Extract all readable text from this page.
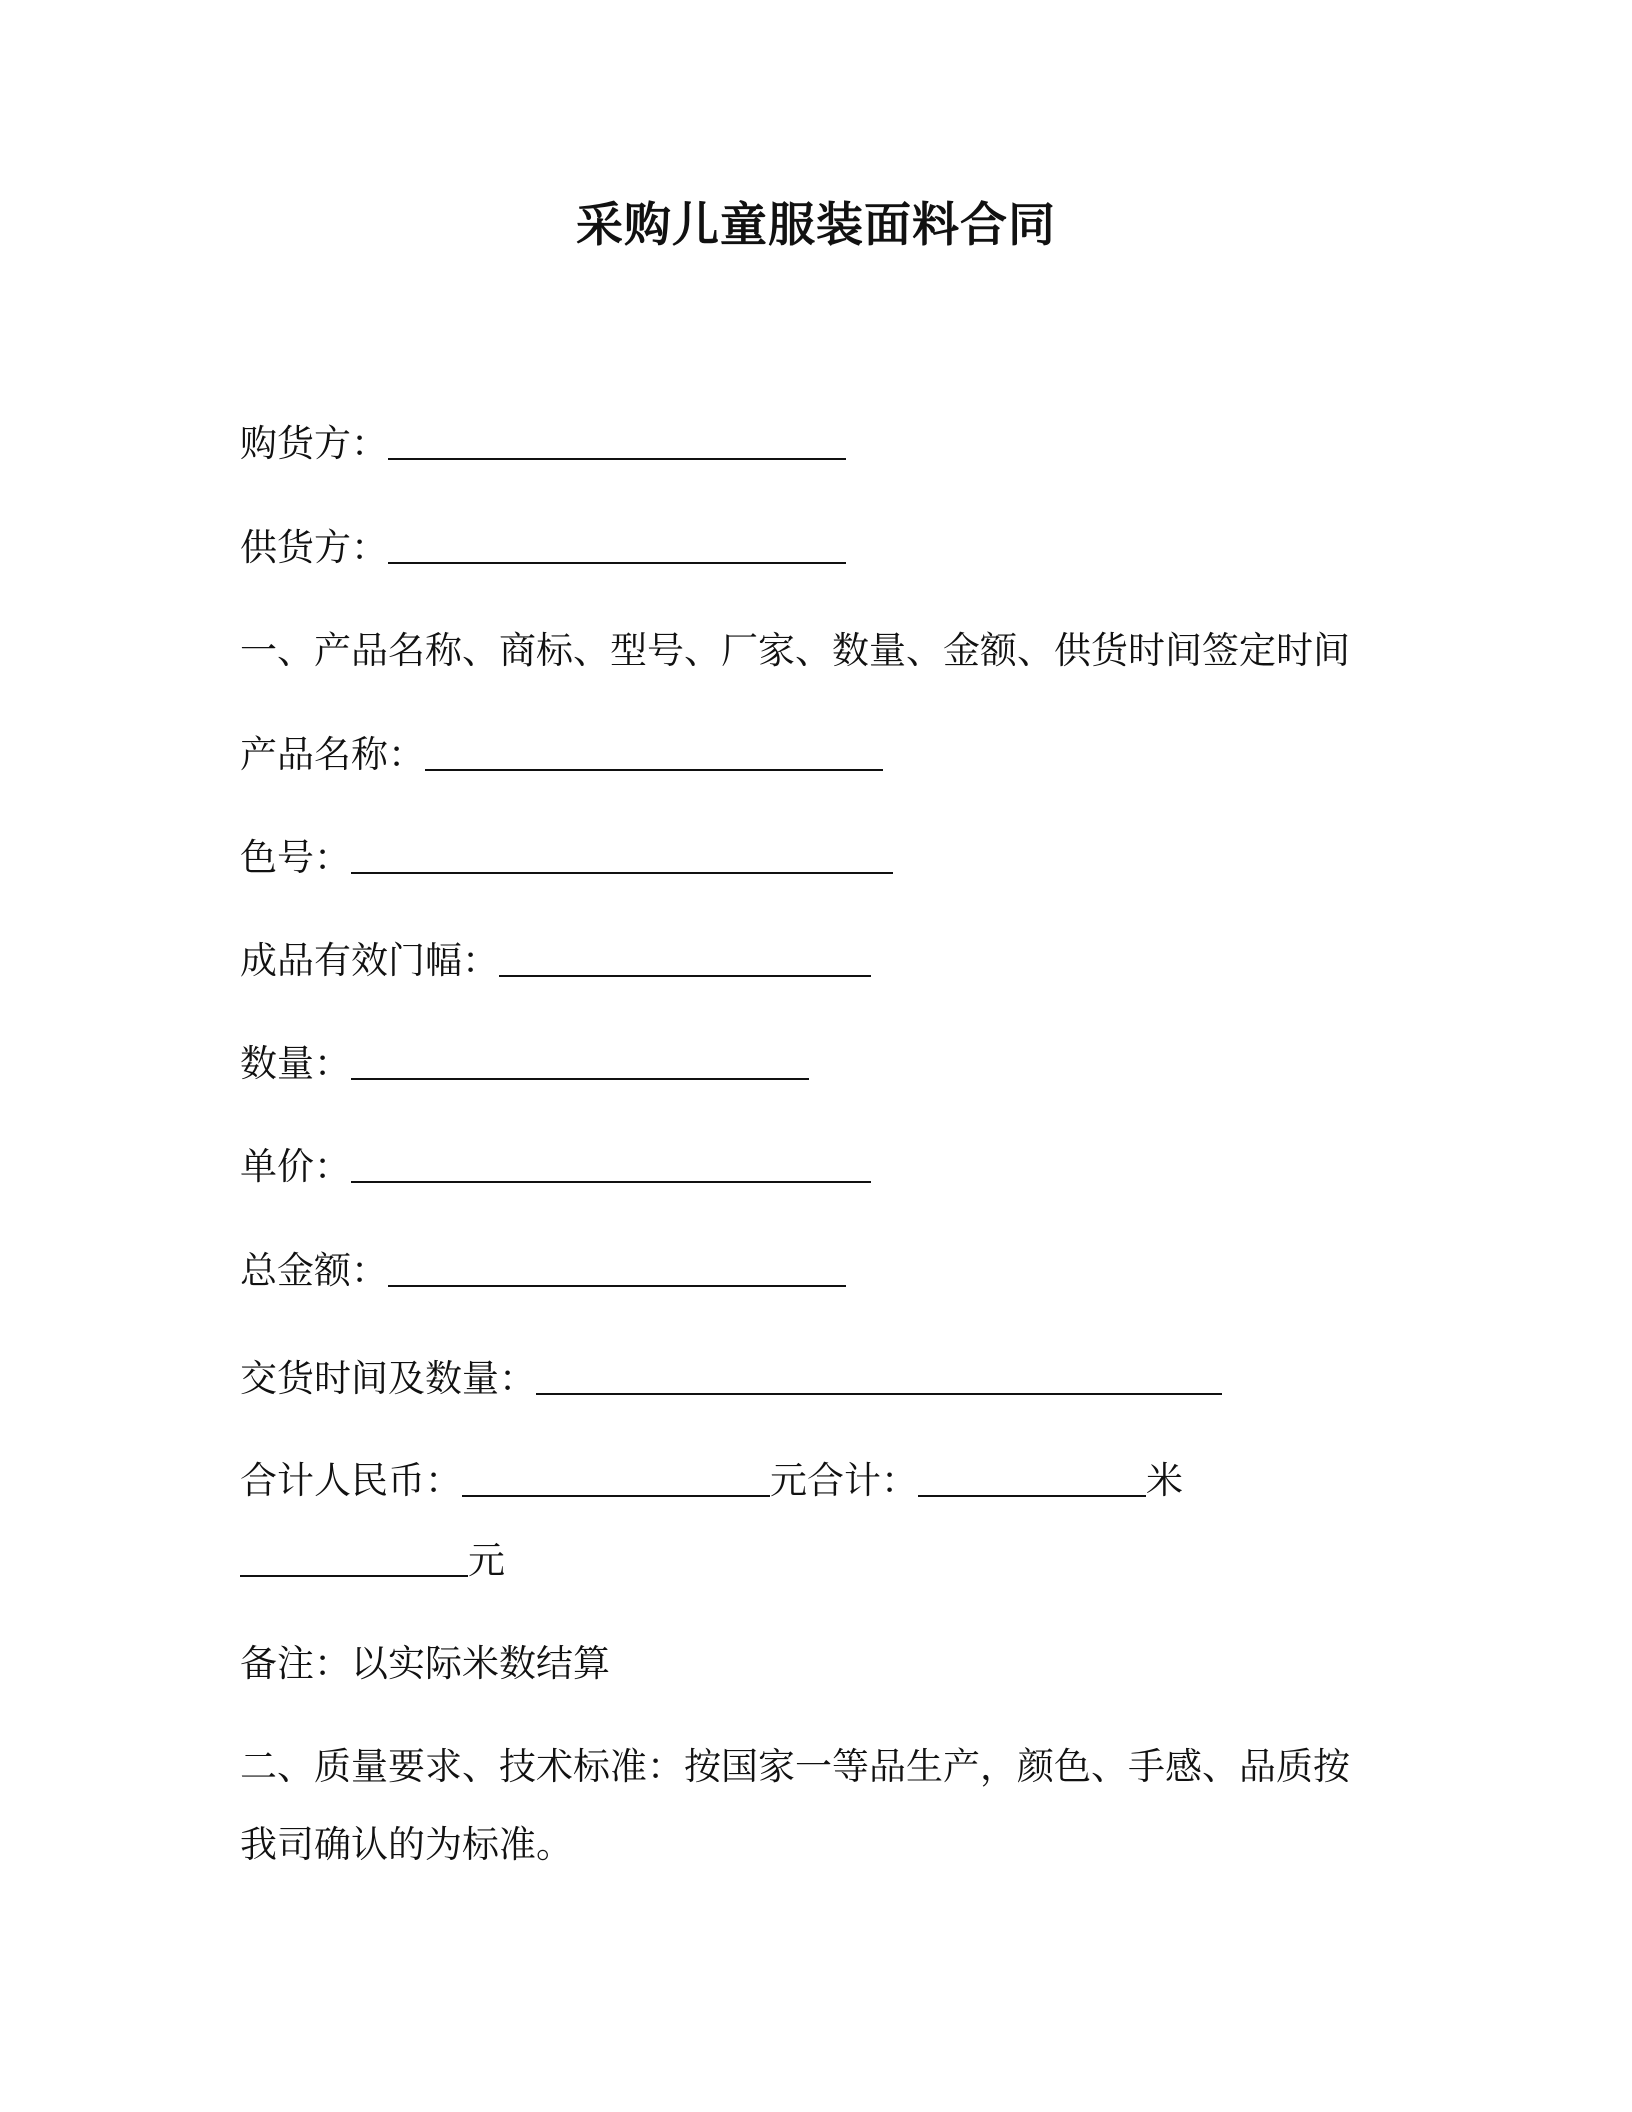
采购儿童服装面料合同
购货方：
供货方：
一、产品名称、商标、型号、厂家、数量、金额、供货时间签定时间
产品名称：
色号：
成品有效门幅：
数量：
单价：
总金额：
交货时间及数量：
合计人民币：	元合计：	米
元
备注：以实际米数结算
二、质量要求、技术标准：按国家一等品生产，颜色、手感、品质按
我司确认的为标准。
